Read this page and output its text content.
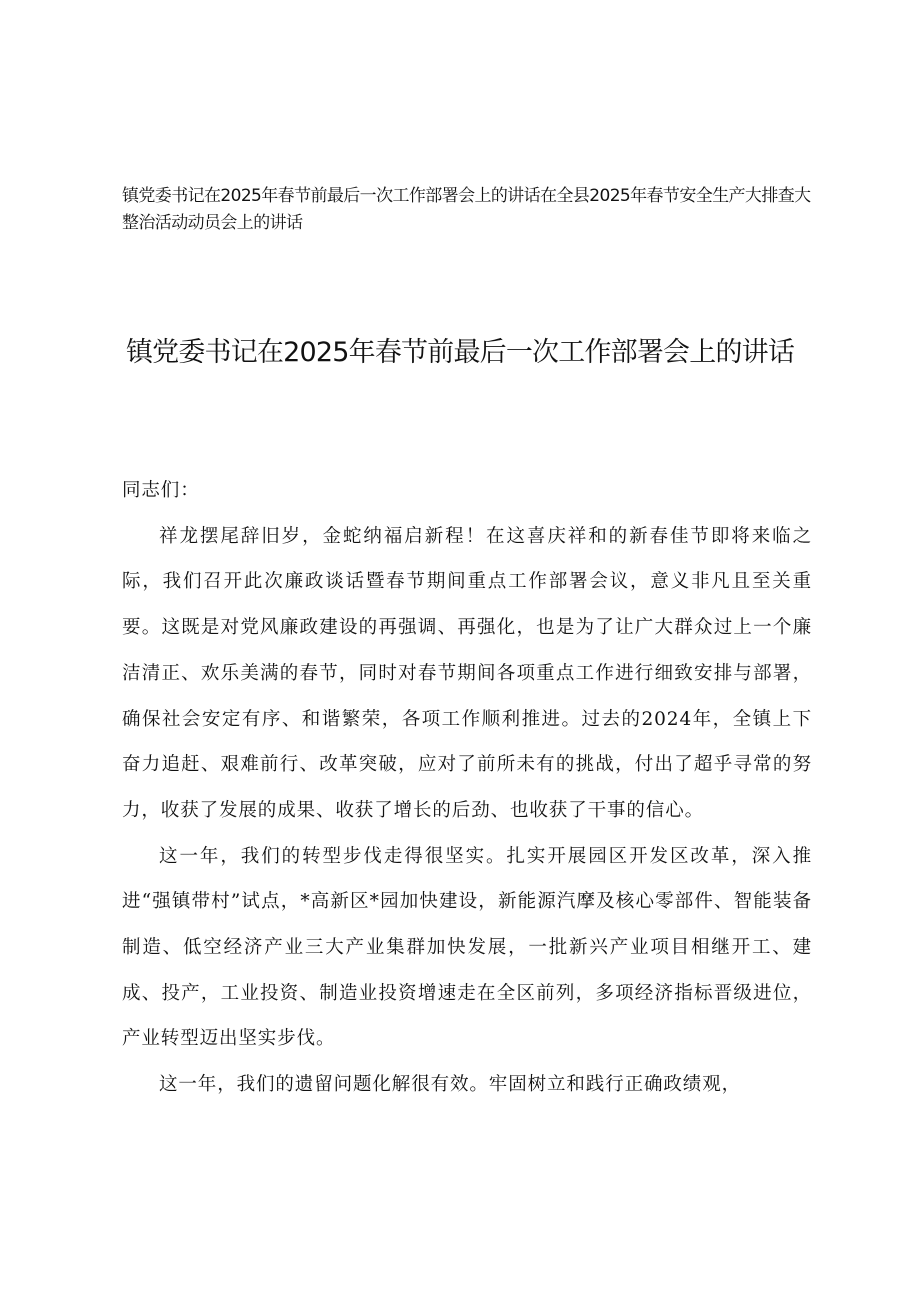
镇党委书记在2025年春节前最后一次工作部署会上的讲话在全县2025年春节安全生产大排查大整治活动动员会上的讲话
镇党委书记在2025年春节前最后一次工作部署会上的讲话

同志们：

祥龙摆尾辞旧岁，金蛇纳福启新程！在这喜庆祥和的新春佳节即将来临之际，我们召开此次廉政谈话暨春节期间重点工作部署会议，意义非凡且至关重要。这既是对党风廉政建设的再强调、再强化，也是为了让广大群众过上一个廉洁清正、欢乐美满的春节，同时对春节期间各项重点工作进行细致安排与部署，确保社会安定有序、和谐繁荣，各项工作顺利推进。过去的2024年，全镇上下奋力追赶、艰难前行、改革突破，应对了前所未有的挑战，付出了超乎寻常的努力，收获了发展的成果、收获了增长的后劲、也收获了干事的信心。

这一年，我们的转型步伐走得很坚实。扎实开展园区开发区改革，深入推进“强镇带村”试点，*高新区*园加快建设，新能源汽摩及核心零部件、智能装备制造、低空经济产业三大产业集群加快发展，一批新兴产业项目相继开工、建成、投产，工业投资、制造业投资增速走在全区前列，多项经济指标晋级进位，产业转型迈出坚实步伐。

这一年，我们的遗留问题化解很有效。牢固树立和践行正确政绩观，
